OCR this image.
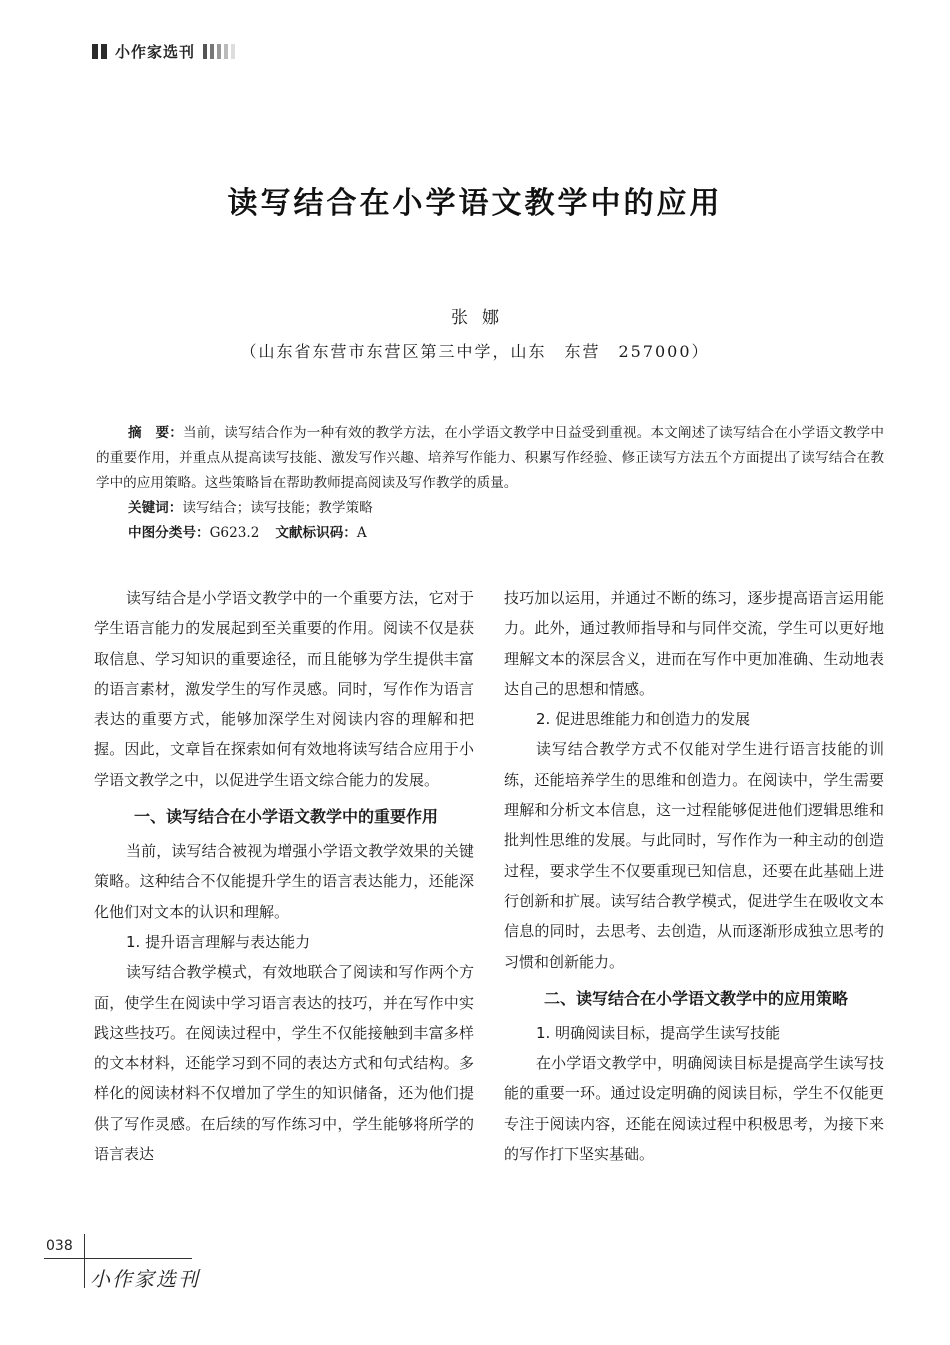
小作家选刊
读写结合在小学语文教学中的应用
张娜
（山东省东营市东营区第三中学，山东　东营　257000）

摘　要：当前，读写结合作为一种有效的教学方法，在小学语文教学中日益受到重视。本文阐述了读写结合在小学语文教学中的重要作用，并重点从提高读写技能、激发写作兴趣、培养写作能力、积累写作经验、修正读写方法五个方面提出了读写结合在教学中的应用策略。这些策略旨在帮助教师提高阅读及写作教学的质量。

关键词：读写结合；读写技能；教学策略

中图分类号：G623.2 文献标识码：A

读写结合是小学语文教学中的一个重要方法，它对于学生语言能力的发展起到至关重要的作用。阅读不仅是获取信息、学习知识的重要途径，而且能够为学生提供丰富的语言素材，激发学生的写作灵感。同时，写作作为语言表达的重要方式，能够加深学生对阅读内容的理解和把握。因此，文章旨在探索如何有效地将读写结合应用于小学语文教学之中，以促进学生语文综合能力的发展。

一、读写结合在小学语文教学中的重要作用

当前，读写结合被视为增强小学语文教学效果的关键策略。这种结合不仅能提升学生的语言表达能力，还能深化他们对文本的认识和理解。

1. 提升语言理解与表达能力

读写结合教学模式，有效地联合了阅读和写作两个方面，使学生在阅读中学习语言表达的技巧，并在写作中实践这些技巧。在阅读过程中，学生不仅能接触到丰富多样的文本材料，还能学习到不同的表达方式和句式结构。多样化的阅读材料不仅增加了学生的知识储备，还为他们提供了写作灵感。在后续的写作练习中，学生能够将所学的语言表达

技巧加以运用，并通过不断的练习，逐步提高语言运用能力。此外，通过教师指导和与同伴交流，学生可以更好地理解文本的深层含义，进而在写作中更加准确、生动地表达自己的思想和情感。

2. 促进思维能力和创造力的发展

读写结合教学方式不仅能对学生进行语言技能的训练，还能培养学生的思维和创造力。在阅读中，学生需要理解和分析文本信息，这一过程能够促进他们逻辑思维和批判性思维的发展。与此同时，写作作为一种主动的创造过程，要求学生不仅要重现已知信息，还要在此基础上进行创新和扩展。读写结合教学模式，促进学生在吸收文本信息的同时，去思考、去创造，从而逐渐形成独立思考的习惯和创新能力。

二、读写结合在小学语文教学中的应用策略

1. 明确阅读目标，提高学生读写技能

在小学语文教学中，明确阅读目标是提高学生读写技能的重要一环。通过设定明确的阅读目标，学生不仅能更专注于阅读内容，还能在阅读过程中积极思考，为接下来的写作打下坚实基础。

038
小作家选刊
